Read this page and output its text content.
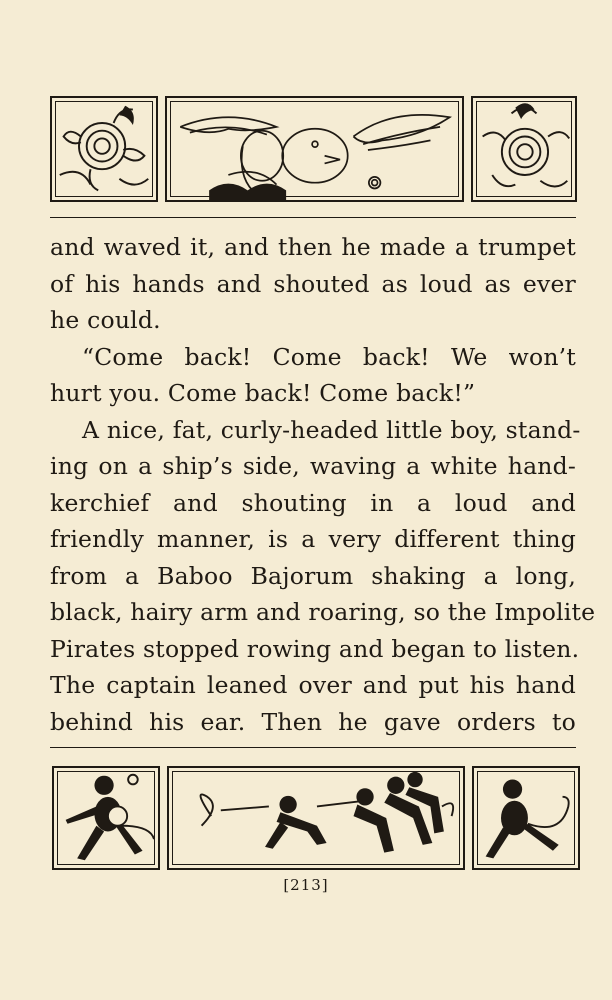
and waved it, and then he made a trumpet
of his hands and shouted as loud as ever
he could.
“Come back! Come back! We won’t
hurt you. Come back! Come back!”
A nice, fat, curly-headed little boy, stand-
ing on a ship’s side, waving a white hand-
kerchief and shouting in a loud and
friendly manner, is a very different thing
from a Baboo Bajorum shaking a long,
black, hairy arm and roaring, so the Impolite
Pirates stopped rowing and began to listen.
The captain leaned over and put his hand
behind his ear. Then he gave orders to
[213]
